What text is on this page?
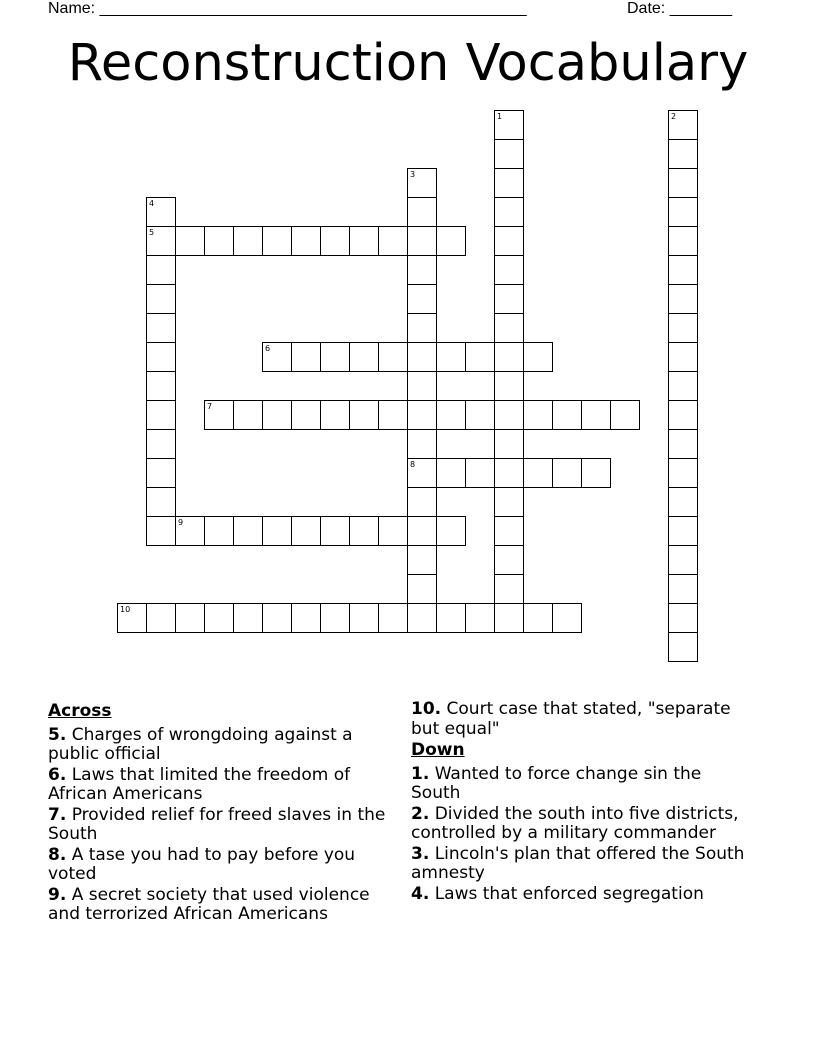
Name: ________________________________________________	Date: _______
Reconstruction Vocabulary
1	2
3
8
4
5
6
7
9
10
Across
5. Charges of wrongdoing against a public official
6. Laws that limited the freedom of African Americans
7. Provided relief for freed slaves in the South
8. A tase you had to pay before you voted
9. A secret society that used violence and terrorized African Americans
10. Court case that stated, "separate but equal"
Down
1. Wanted to force change sin the South
2. Divided the south into five districts, controlled by a military commander
3. Lincoln's plan that offered the South amnesty
4. Laws that enforced segregation
